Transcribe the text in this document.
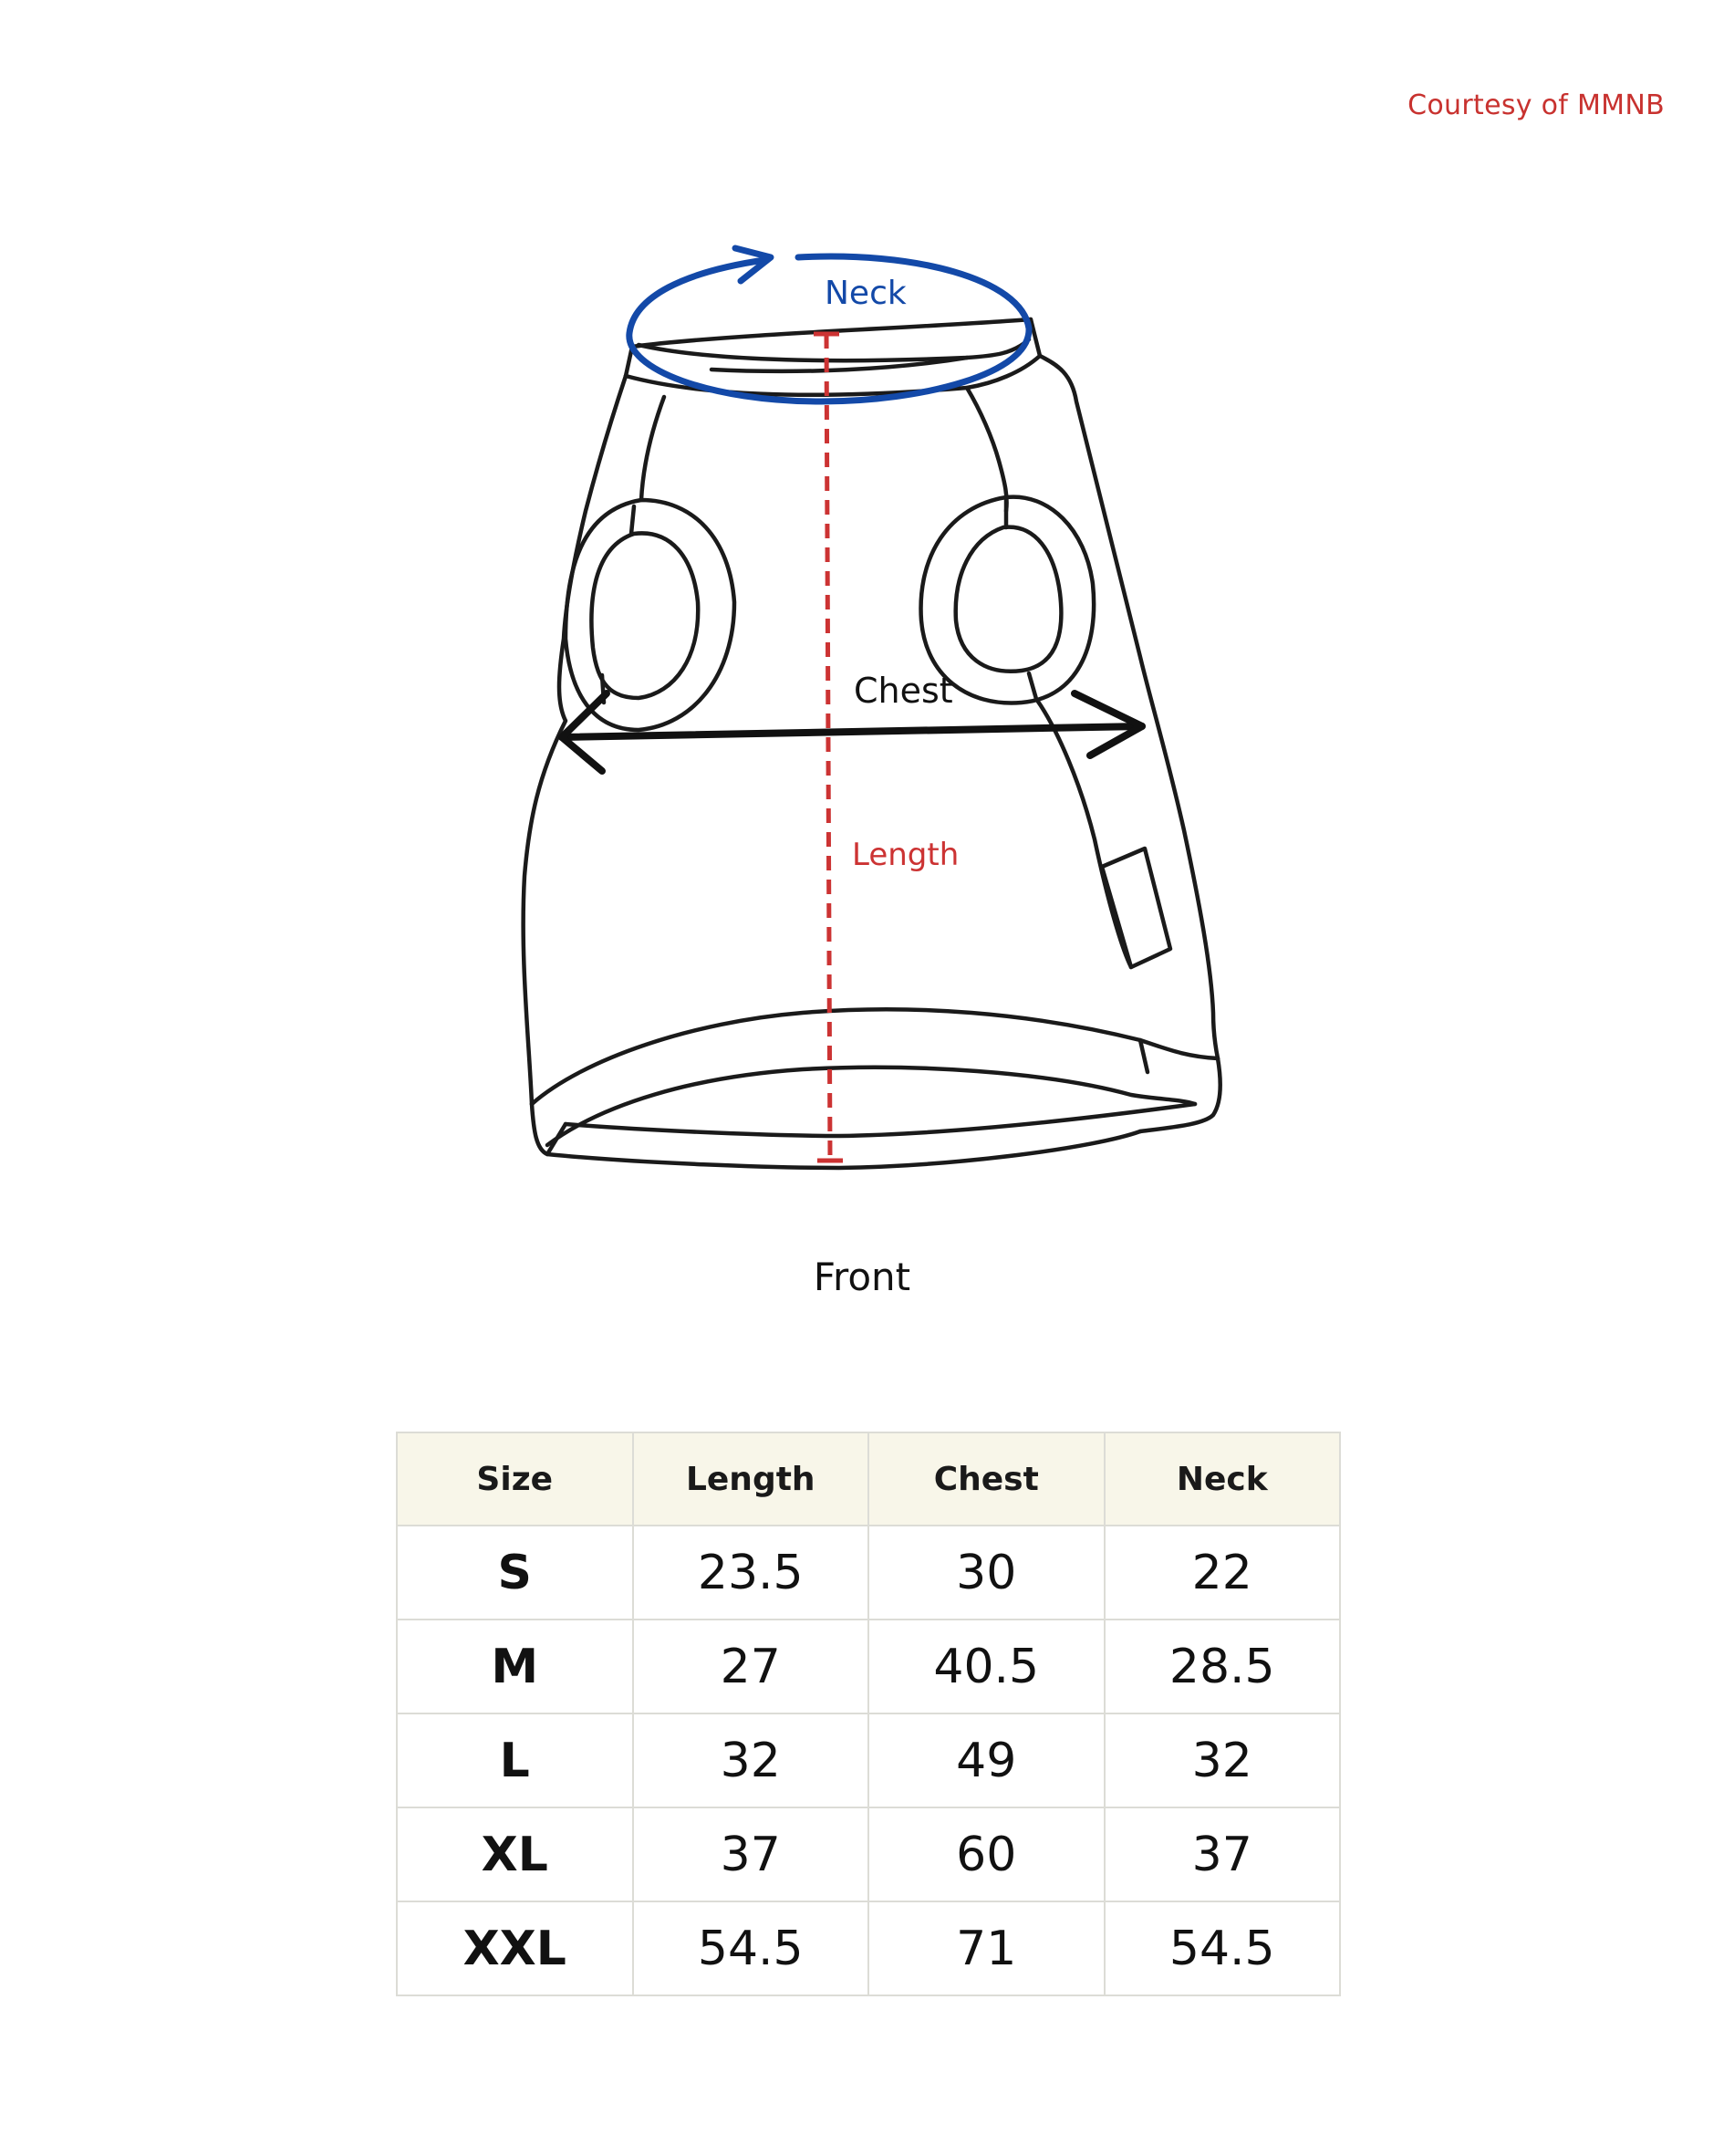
Courtesy of MMNB
Neck
Chest
Length
Front
Size	Length	Chest	Neck
S	23.5	30	22
M	27	40.5	28.5
L	32	49	32
XL	37	60	37
XXL	54.5	71	54.5
